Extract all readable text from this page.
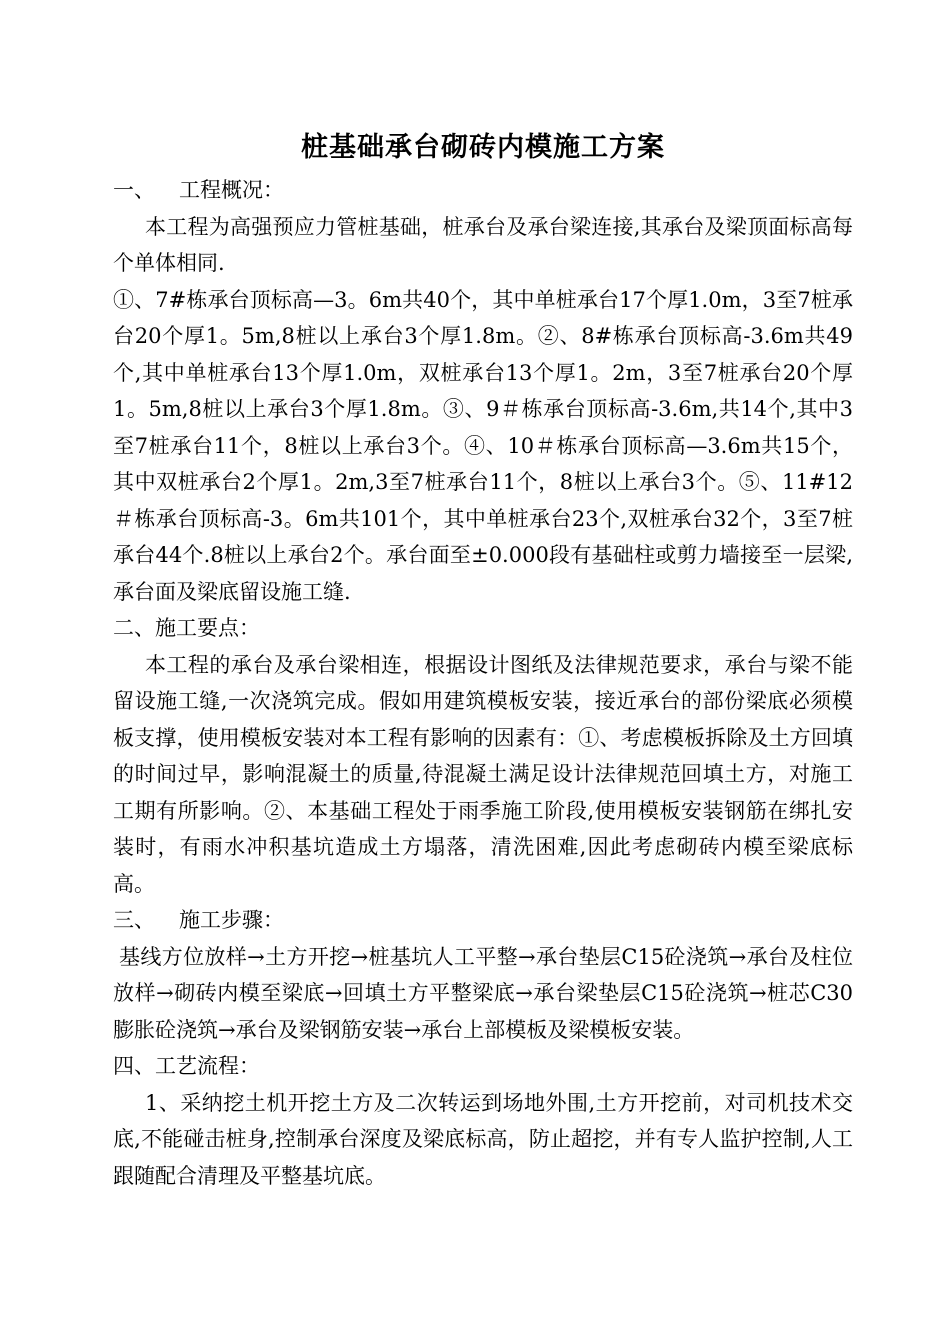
桩基础承台砌砖内模施工方案
一、 工程概况：

本工程为高强预应力管桩基础，桩承台及承台梁连接,其承台及梁顶面标高每个单体相同.

①、7#栋承台顶标高—3。6m共40个，其中单桩承台17个厚1.0m，3至7桩承台20个厚1。5m,8桩以上承台3个厚1.8m。②、8#栋承台顶标高-3.6m共49个,其中单桩承台13个厚1.0m，双桩承台13个厚1。2m，3至7桩承台20个厚1。5m,8桩以上承台3个厚1.8m。③、9＃栋承台顶标高-3.6m,共14个,其中3至7桩承台11个，8桩以上承台3个。④、10＃栋承台顶标高—3.6m共15个，其中双桩承台2个厚1。2m,3至7桩承台11个，8桩以上承台3个。⑤、11#12＃栋承台顶标高-3。6m共101个，其中单桩承台23个,双桩承台32个，3至7桩承台44个.8桩以上承台2个。承台面至±0.000段有基础柱或剪力墙接至一层梁,承台面及梁底留设施工缝.

二、施工要点：

本工程的承台及承台梁相连，根据设计图纸及法律规范要求，承台与梁不能留设施工缝,一次浇筑完成。假如用建筑模板安装，接近承台的部份梁底必须模板支撑，使用模板安装对本工程有影响的因素有：①、考虑模板拆除及土方回填的时间过早，影响混凝土的质量,待混凝土满足设计法律规范回填土方，对施工工期有所影响。②、本基础工程处于雨季施工阶段,使用模板安装钢筋在绑扎安装时，有雨水冲积基坑造成土方塌落，清洗困难,因此考虑砌砖内模至梁底标高。

三、 施工步骤：

基线方位放样→土方开挖→桩基坑人工平整→承台垫层C15砼浇筑→承台及柱位放样→砌砖内模至梁底→回填土方平整梁底→承台梁垫层C15砼浇筑→桩芯C30膨胀砼浇筑→承台及梁钢筋安装→承台上部模板及梁模板安装。

四、工艺流程：

1、采纳挖土机开挖土方及二次转运到场地外围,土方开挖前，对司机技术交底,不能碰击桩身,控制承台深度及梁底标高，防止超挖，并有专人监护控制,人工跟随配合清理及平整基坑底。
